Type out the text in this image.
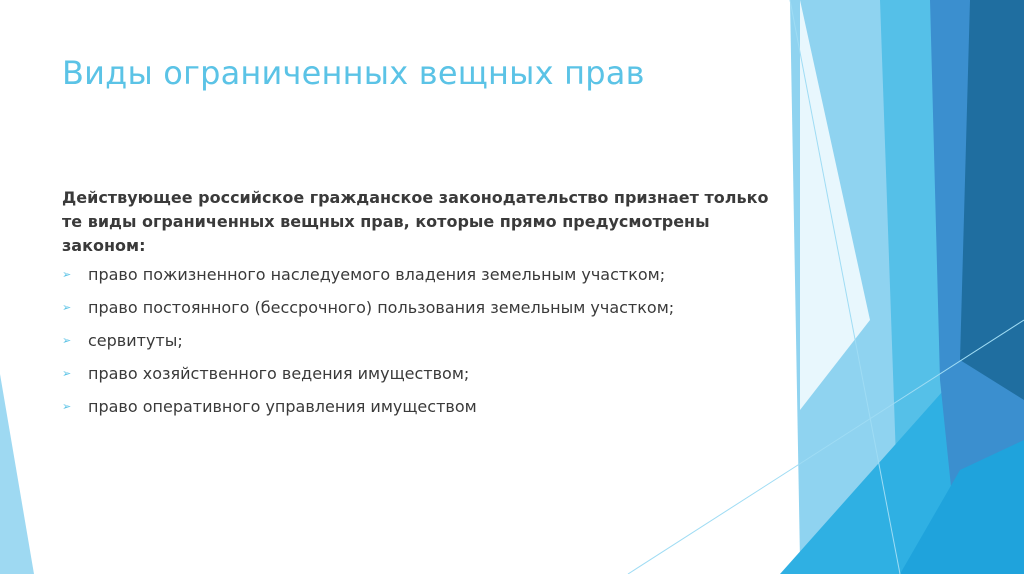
Виды ограниченных вещных прав

Действующее российское гражданское законодательство признает только те виды ограниченных вещных прав, которые прямо предусмотрены законом:

➢	право пожизненного наследуемого владения земельным участком;
➢	право постоянного (бессрочного) пользования земельным участком;
➢	сервитуты;
➢	право хозяйственного ведения имуществом;
➢	право оперативного управления имуществом
